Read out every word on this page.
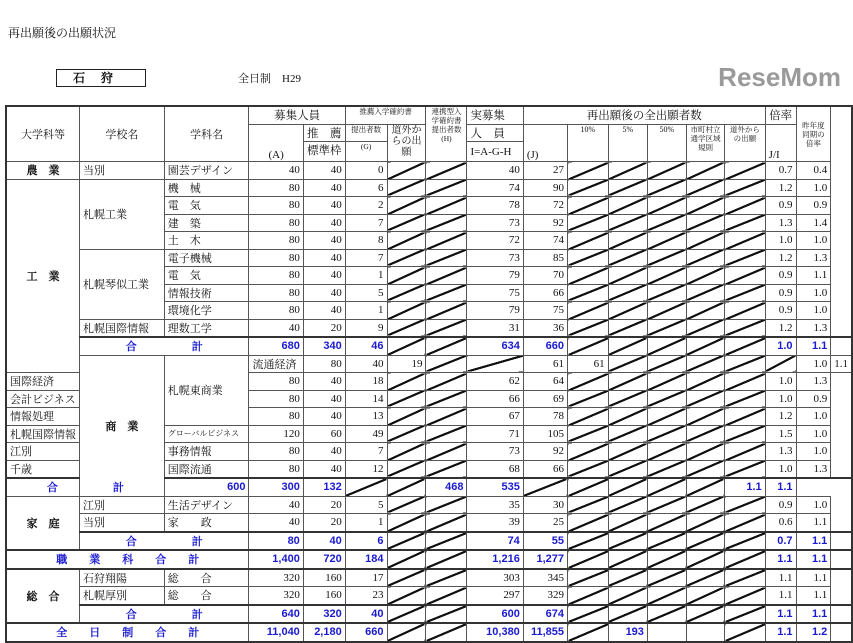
再出願後の出願状況
石狩	全日制　H29
大学科等	学校名	学科名	募集人員		推薦入学確約書		連携型入学確約書提出者数(H)	実募集	再出願後の全出願者数						倍率	昨年度同期の倍率	
			(A)	推　薦	提出者数	道外からの出願		人　員	(J)	10%	5%	50%	市町村立通学区域規則	道外からの出願	J/I		
				標準枠	(G)			I=A-G-H									
農　業	当別	園芸デザイン	40	40	0			40	27						0.7	0.4	
工　業	札幌工業	機　械	80	40	6			74	90						1.2	1.0	
		電　気	80	40	2			78	72						0.9	0.9	
		建　築	80	40	7			73	92						1.3	1.4	
		土　木	80	40	8			72	74						1.0	1.0	
	札幌琴似工業	電子機械	80	40	7			73	85						1.2	1.3	
		電　気	80	40	1			79	70						0.9	1.1	
		情報技術	80	40	5			75	66						0.9	1.0	
		環境化学	80	40	1			79	75						0.9	1.0	
	札幌国際情報	理数工学	40	20	9			31	36						1.2	1.3	
	合　　　　　計		680	340	46			634	660						1.0	1.1	
	商　業	札幌東商業	流通経済	80	40	19			61	61						1.0	1.1
国際経済			80	40	18			62	64						1.0	1.3	
会計ビジネス			80	40	14			66	69						1.0	0.9	
情報処理			80	40	13			67	78						1.2	1.0	
札幌国際情報		グローバルビジネス	120	60	49			71	105						1.5	1.0	
江別		事務情報	80	40	7			73	92						1.3	1.0	
千歳		国際流通	80	40	12			68	66						1.0	1.3	
合　　　　　計		600	300	132			468	535						1.1	1.1		
家　庭	江別	生活デザイン	40	20	5			35	30						0.9	1.0	
	当別	家　　政	40	20	1			39	25						0.6	1.1	
	合　　　　　計		80	40	6			74	55						0.7	1.1	
職　　業　　科　　合　　計			1,400	720	184			1,216	1,277						1.1	1.1	
総　合	石狩翔陽	総　　合	320	160	17			303	345						1.1	1.1	
	札幌厚別	総　　合	320	160	23			297	329						1.1	1.1	
	合　　　　　計		640	320	40			600	674						1.1	1.1	
全　　日　　制　　合　　計			11,040	2,180	660			10,380	11,855		193				1.1	1.2	
ReseMom
